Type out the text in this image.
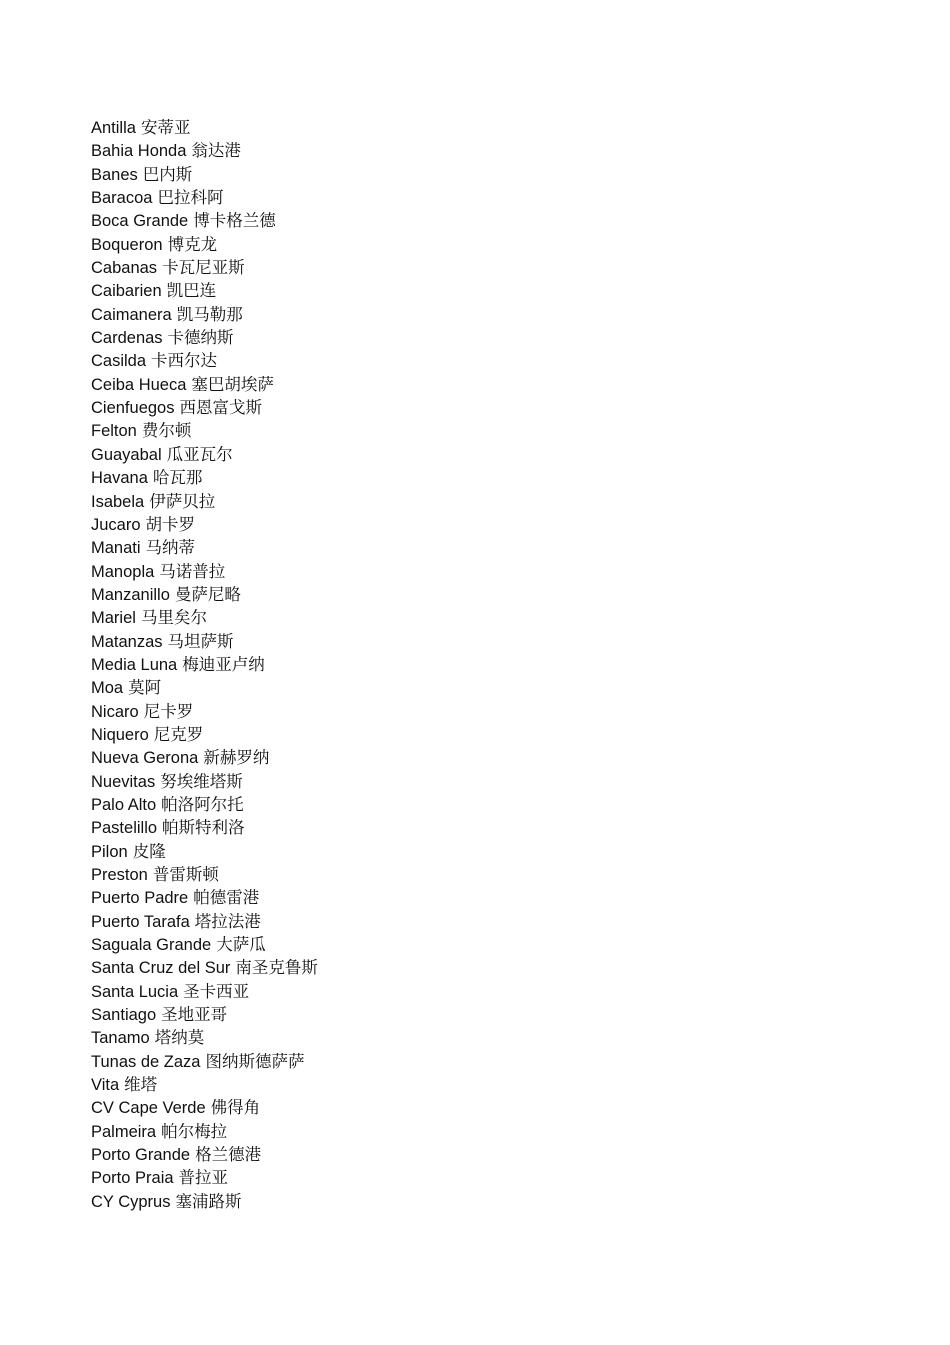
Antilla 安蒂亚
Bahia Honda 翁达港
Banes 巴内斯
Baracoa 巴拉科阿
Boca Grande 博卡格兰德
Boqueron 博克龙
Cabanas 卡瓦尼亚斯
Caibarien 凯巴连
Caimanera 凯马勒那
Cardenas 卡德纳斯
Casilda 卡西尔达
Ceiba Hueca 塞巴胡埃萨
Cienfuegos 西恩富戈斯
Felton 费尔顿
Guayabal 瓜亚瓦尔
Havana 哈瓦那
Isabela 伊萨贝拉
Jucaro 胡卡罗
Manati 马纳蒂
Manopla 马诺普拉
Manzanillo 曼萨尼略
Mariel 马里矣尔
Matanzas 马坦萨斯
Media Luna 梅迪亚卢纳
Moa 莫阿
Nicaro 尼卡罗
Niquero 尼克罗
Nueva Gerona 新赫罗纳
Nuevitas 努埃维塔斯
Palo Alto 帕洛阿尔托
Pastelillo 帕斯特利洛
Pilon 皮隆
Preston 普雷斯顿
Puerto Padre 帕德雷港
Puerto Tarafa 塔拉法港
Saguala Grande 大萨瓜
Santa Cruz del Sur 南圣克鲁斯
Santa Lucia 圣卡西亚
Santiago 圣地亚哥
Tanamo 塔纳莫
Tunas de Zaza 图纳斯德萨萨
Vita 维塔
CV Cape Verde 佛得角
Palmeira 帕尔梅拉
Porto Grande 格兰德港
Porto Praia 普拉亚
CY Cyprus 塞浦路斯
